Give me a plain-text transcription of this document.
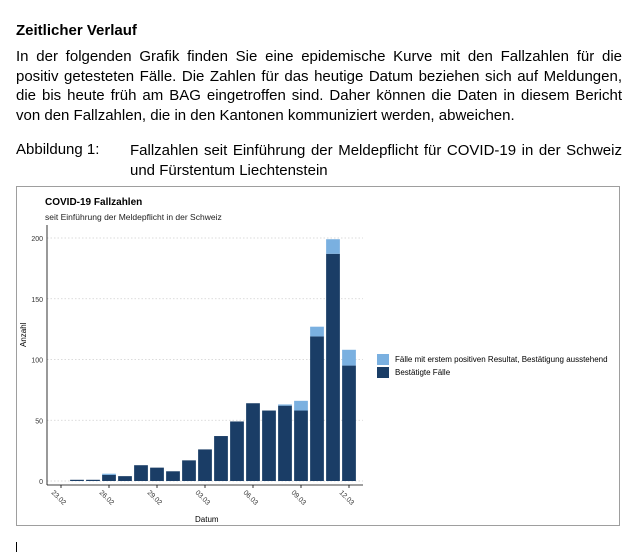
Zeitlicher Verlauf
In der folgenden Grafik finden Sie eine epidemische Kurve mit den Fallzahlen für die positiv getesteten Fälle. Die Zahlen für das heutige Datum beziehen sich auf Meldungen, die bis heute früh am BAG eingetroffen sind. Daher können die Daten in diesem Bericht von den Fallzahlen, die in den Kantonen kommuniziert werden, abweichen.
Abbildung 1: Fallzahlen seit Einführung der Meldepflicht für COVID-19 in der Schweiz und Fürstentum Liechtenstein
0
50
100
150
200
23.02	26.02	29.02	03.03	06.03	09.03	12.03
COVID-19 Fallzahlen
seit Einführung der Meldepflicht in der Schweiz
Anzahl
Datum
Fälle mit erstem positiven Resultat, Bestätigung ausstehend
Bestätigte Fälle
